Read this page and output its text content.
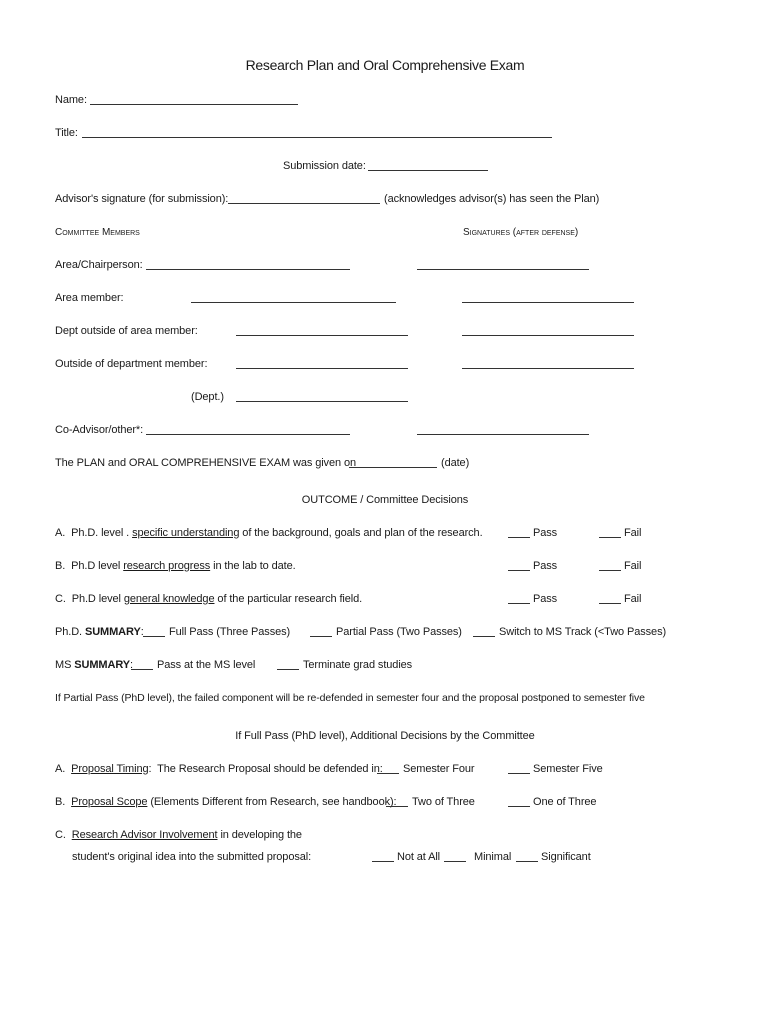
Research Plan and Oral Comprehensive Exam
Name:
Title:
Submission date:
Advisor's signature (for submission):	(acknowledges advisor(s) has seen the Plan)
Committee Members	Signatures (after defense)
Area/Chairperson:
Area member:
Dept outside of area member:
Outside of department member:
(Dept.)
Co-Advisor/other*:
The PLAN and ORAL COMPREHENSIVE EXAM was given on	(date)
OUTCOME / Committee Decisions
A.  Ph.D. level . specific understanding of the background, goals and plan of the research.	Pass	Fail
B.  Ph.D level research progress in the lab to date.	Pass	Fail
C.  Ph.D level general knowledge of the particular research field.	Pass	Fail
Ph.D. SUMMARY: Full Pass (Three Passes)	Partial Pass (Two Passes)	Switch to MS Track (<Two Passes)
MS SUMMARY: Pass at the MS level	Terminate grad studies
If Partial Pass (PhD level), the failed component will be re-defended in semester four and the proposal postponed to semester five
If Full Pass (PhD level), Additional Decisions by the Committee
A.  Proposal Timing:  The Research Proposal should be defended in: Semester Four	Semester Five
B.  Proposal Scope (Elements Different from Research, see handbook): Two of Three	One of Three
C.  Research Advisor Involvement in developing the
student's original idea into the submitted proposal:	Not at All	Minimal	Significant
